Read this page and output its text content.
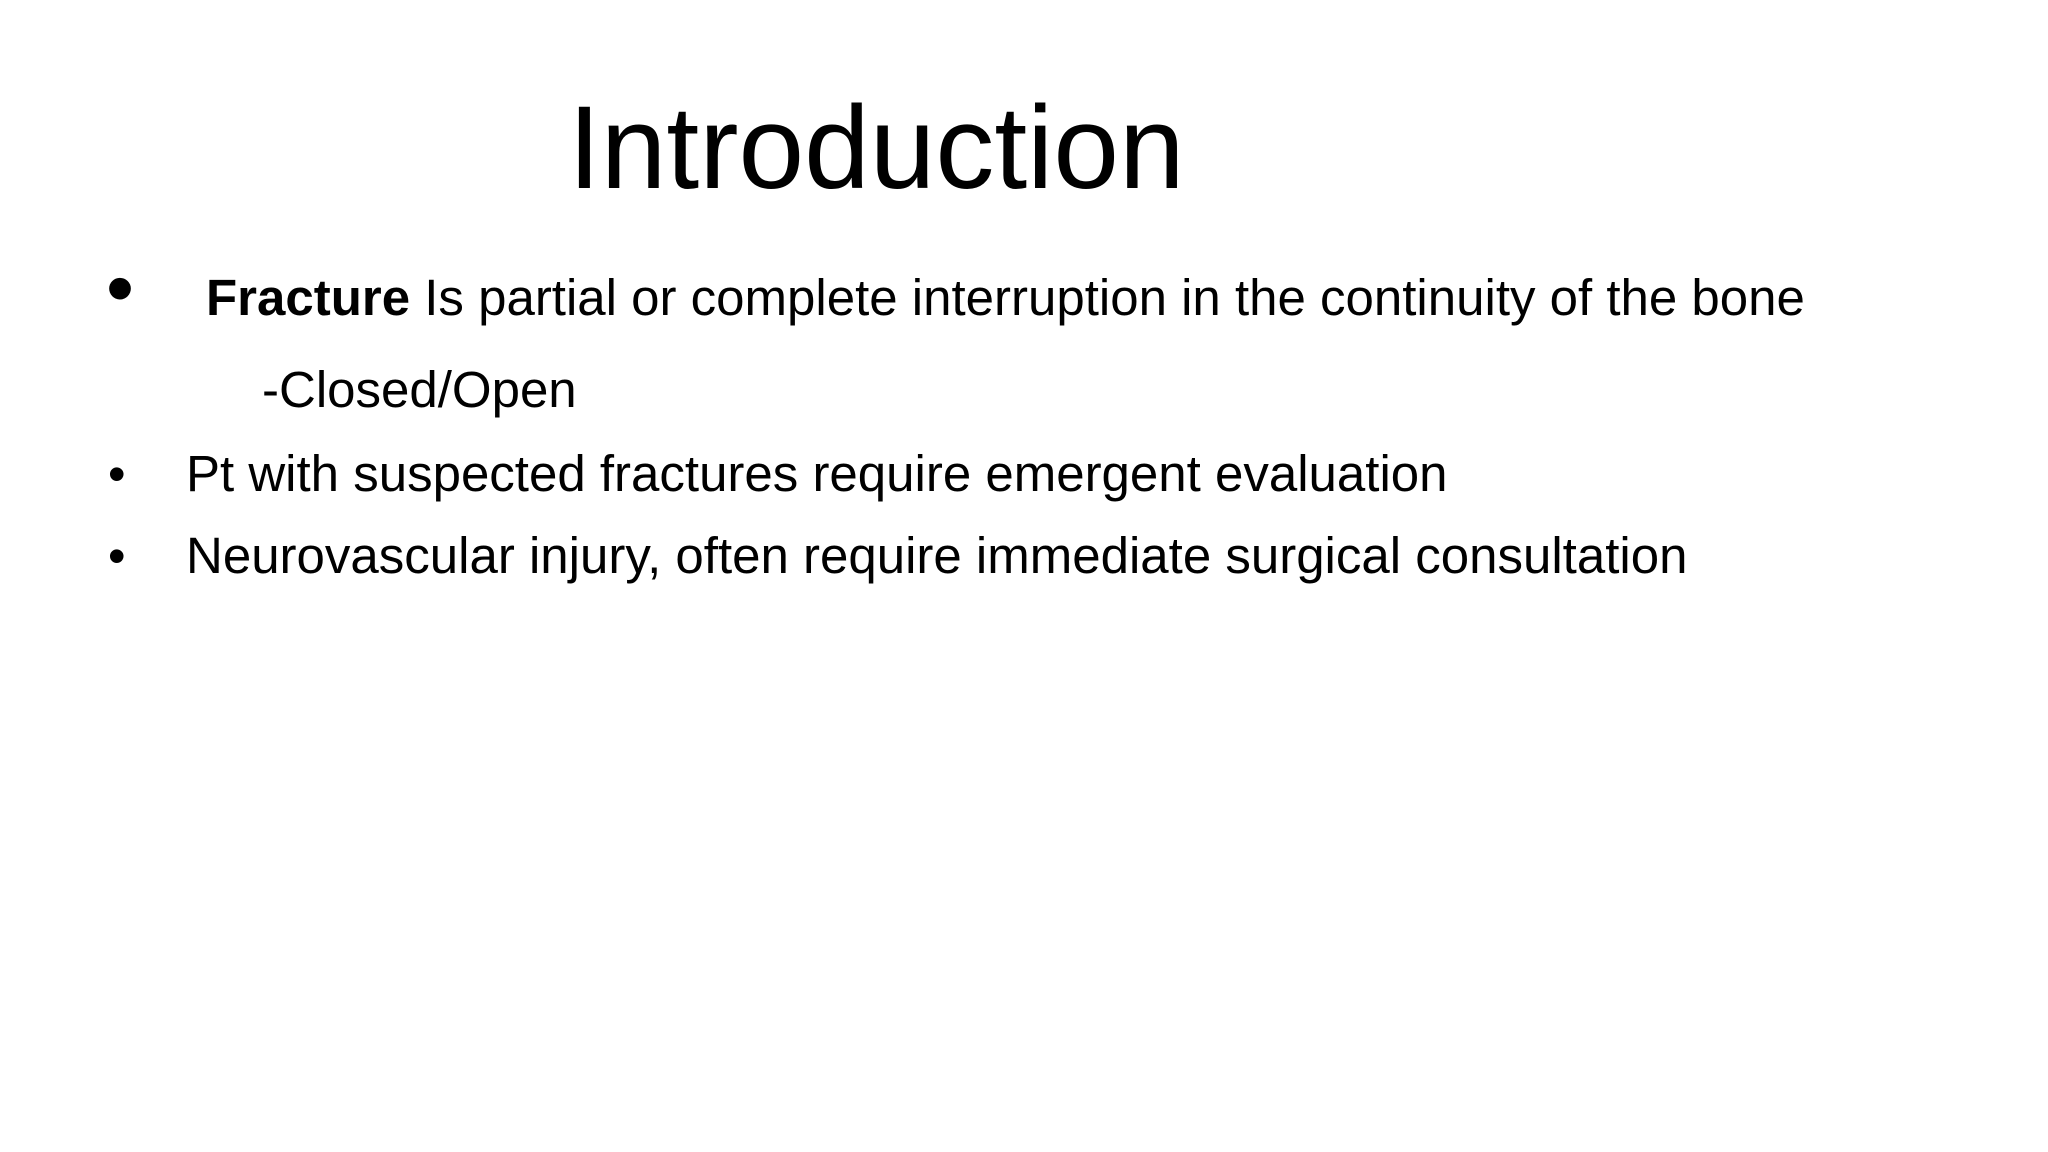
Introduction
• Fracture Is partial or complete interruption in the continuity of the bone
-Closed/Open
• Pt with suspected fractures require emergent evaluation
• Neurovascular injury, often require immediate surgical consultation
